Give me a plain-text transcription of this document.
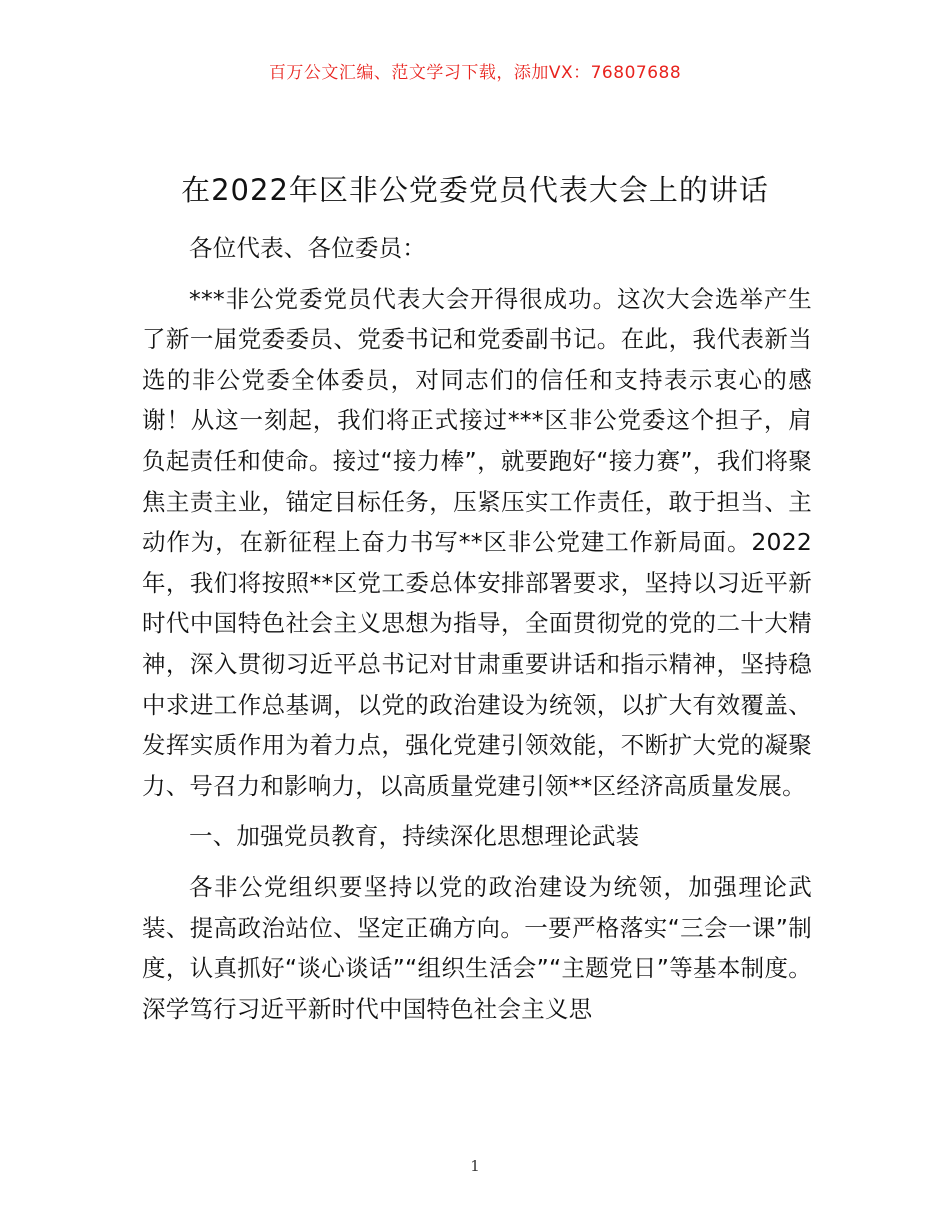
百万公文汇编、范文学习下载，添加VX：76807688
在2022年区非公党委党员代表大会上的讲话

各位代表、各位委员：

***非公党委党员代表大会开得很成功。这次大会选举产生了新一届党委委员、党委书记和党委副书记。在此，我代表新当选的非公党委全体委员，对同志们的信任和支持表示衷心的感谢！从这一刻起，我们将正式接过***区非公党委这个担子，肩负起责任和使命。接过“接力棒”，就要跑好“接力赛”，我们将聚焦主责主业，锚定目标任务，压紧压实工作责任，敢于担当、主动作为，在新征程上奋力书写**区非公党建工作新局面。2022年，我们将按照**区党工委总体安排部署要求，坚持以习近平新时代中国特色社会主义思想为指导，全面贯彻党的党的二十大精神，深入贯彻习近平总书记对甘肃重要讲话和指示精神，坚持稳中求进工作总基调，以党的政治建设为统领，以扩大有效覆盖、发挥实质作用为着力点，强化党建引领效能，不断扩大党的凝聚力、号召力和影响力，以高质量党建引领**区经济高质量发展。

一、加强党员教育，持续深化思想理论武装

各非公党组织要坚持以党的政治建设为统领，加强理论武装、提高政治站位、坚定正确方向。一要严格落实“三会一课”制度，认真抓好“谈心谈话”“组织生活会”“主题党日”等基本制度。深学笃行习近平新时代中国特色社会主义思

1
